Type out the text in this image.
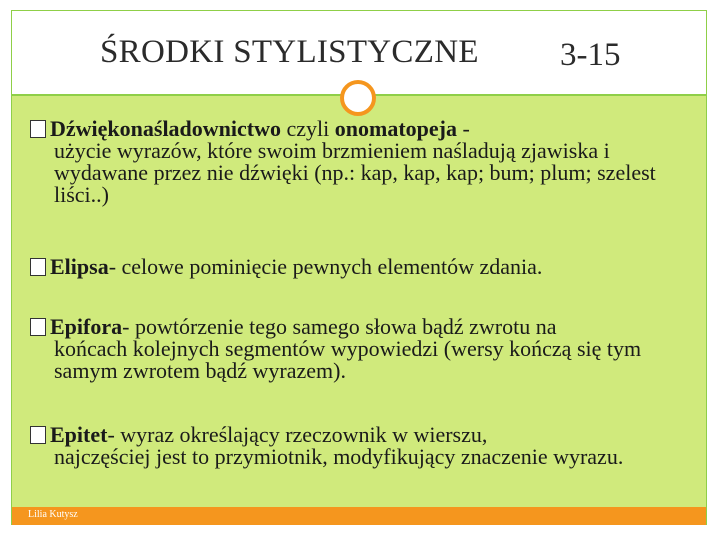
ŚRODKI STYLISTYCZNE 3-15
Dźwiękonaśladownictwo czyli onomatopeja -
użycie wyrazów, które swoim brzmieniem naśladują zjawiska i wydawane przez nie dźwięki (np.: kap, kap, kap; bum; plum; szelest liści..)
Elipsa- celowe pominięcie pewnych elementów zdania.
Epifora- powtórzenie tego samego słowa bądź zwrotu na
końcach kolejnych segmentów wypowiedzi (wersy kończą się tym samym zwrotem bądź wyrazem).
Epitet- wyraz określający rzeczownik w wierszu,
najczęściej jest to przymiotnik, modyfikujący znaczenie wyrazu.
Lilia Kutysz
